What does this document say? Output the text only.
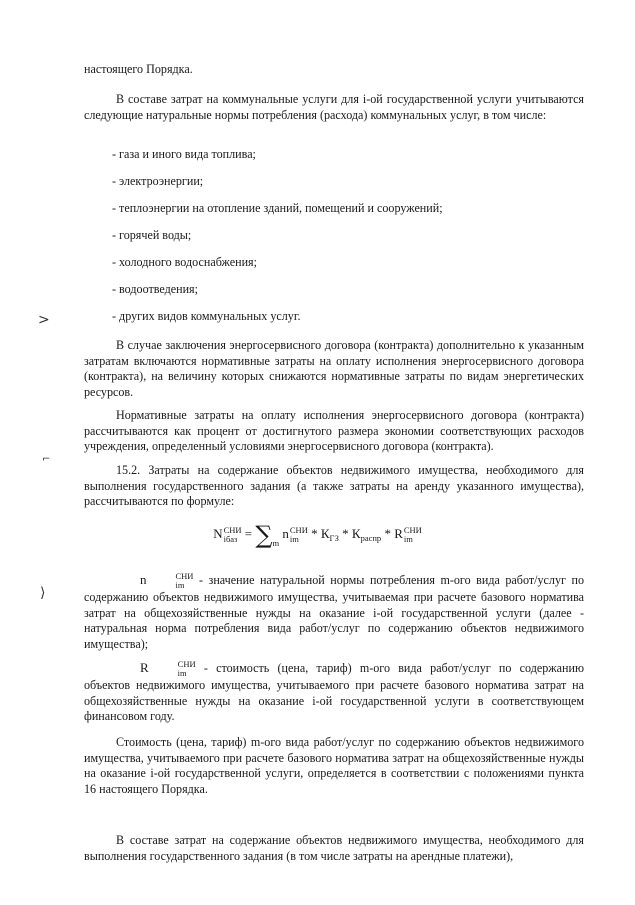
настоящего Порядка.

В составе затрат на коммунальные услуги для i-ой государственной услуги учитываются следующие натуральные нормы потребления (расхода) коммунальных услуг, в том числе:

- газа и иного вида топлива;

- электроэнергии;

- теплоэнергии на отопление зданий, помещений и сооружений;

- горячей воды;

- холодного водоснабжения;

- водоотведения;

- других видов коммунальных услуг.

>

В случае заключения энергосервисного договора (контракта) дополнительно к указанным затратам включаются нормативные затраты на оплату исполнения энергосервисного договора (контракта), на величину которых снижаются нормативные затраты по видам энергетических ресурсов.

Нормативные затраты на оплату исполнения энергосервисного договора (контракта) рассчитываются как процент от достигнутого размера экономии соответствующих расходов учреждения, определенный условиями энергосервисного договора (контракта).

⌐

15.2. Затраты на содержание объектов недвижимого имущества, необходимого для выполнения государственного задания (а также затраты на аренду указанного имущества), рассчитываются по формуле:

N СНИ
iбаз = $\sum_m$ n СНИ
im * $К_{ГЗ} * К_{распр}$ * R СНИ
im
⟩

n	СНИ
im	- значение натуральной нормы потребления m-ого вида работ/услуг по содержанию объектов недвижимого имущества, учитываемая при расчете базового норматива затрат на общехозяйственные нужды на оказание i-ой государственной услуги (далее - натуральная норма потребления вида работ/услуг по содержанию объектов недвижимого имущества);

R	СНИ
im	- стоимость (цена, тариф) m-ого вида работ/услуг по содержанию объектов недвижимого имущества, учитываемого при расчете базового норматива затрат на общехозяйственные нужды на оказание i-ой государственной услуги в соответствующем финансовом году.

Стоимость (цена, тариф) m-ого вида работ/услуг по содержанию объектов недвижимого имущества, учитываемого при расчете базового норматива затрат на общехозяйственные нужды на оказание i-ой государственной услуги, определяется в соответствии с положениями пункта 16 настоящего Порядка.

В составе затрат на содержание объектов недвижимого имущества, необходимого для выполнения государственного задания (в том числе затраты на арендные платежи),
